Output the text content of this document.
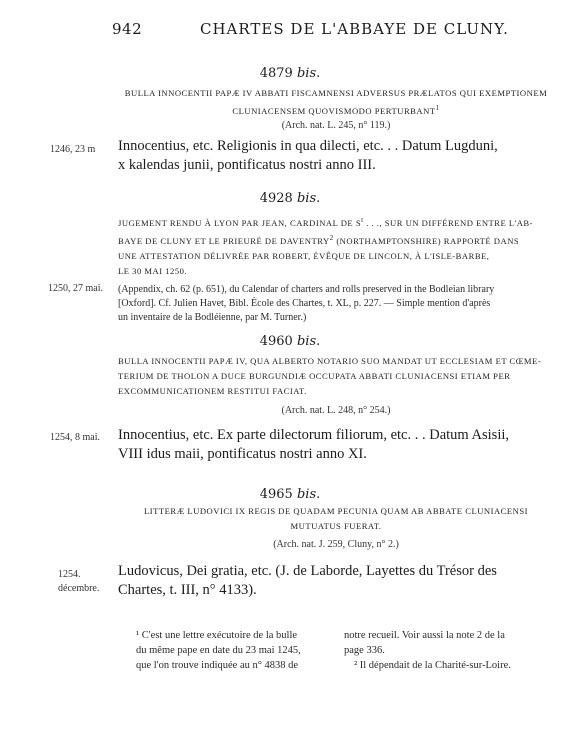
942	CHARTES DE L'ABBAYE DE CLUNY.
4879 bis.
BULLA INNOCENTII PAPÆ IV ABBATI FISCAMNENSI ADVERSUS PRÆLATOS QUI EXEMPTIONEM
CLUNIACENSEM QUOVISMODO PERTURBANT$^1$
(Arch. nat. L. 245, n° 119.)
1246, 23 m Innocentius, etc. Religionis in qua dilecti, etc. . . Datum Lugduni,
x kalendas junii, pontificatus nostri anno III.
4928 bis.
JUGEMENT RENDU À LYON PAR JEAN, CARDINAL DE $S^t$ . . ., SUR UN DIFFÉREND ENTRE L'AB-
BAYE DE CLUNY ET LE PRIEURÉ DE DAVENTRY$^2$ (NORTHAMPTONSHIRE) RAPPORTÉ DANS
UNE ATTESTATION DÉLIVRÉE PAR ROBERT, ÉVÊQUE DE LINCOLN, À L'ISLE-BARBE,
LE 30 MAI 1250.
1250, 27 mai. (Appendix, ch. 62 (p. 651), du Calendar of charters and rolls preserved in the Bodleian library
[Oxford]. Cf. Julien Havet, Bibl. École des Chartes, t. XL, p. 227. — Simple mention d'après
un inventaire de la Bodléienne, par M. Turner.)
4960 bis.
BULLA INNOCENTII PAPÆ IV, QUA ALBERTO NOTARIO SUO MANDAT UT ECCLESIAM ET CŒME-
TERIUM DE THOLON A DUCE BURGUNDIÆ OCCUPATA ABBATI CLUNIACENSI ETIAM PER
EXCOMMUNICATIONEM RESTITUI FACIAT.
(Arch. nat. L. 248, n° 254.)
1254, 8 mai. Innocentius, etc. Ex parte dilectorum filiorum, etc. . . Datum Asisii,
VIII idus maii, pontificatus nostri anno XI.
4965 bis.
LITTERÆ LUDOVICI IX REGIS DE QUADAM PECUNIA QUAM AB ABBATE CLUNIACENSI
MUTUATUS FUERAT.
(Arch. nat. J. 259, Cluny, n° 2.)
1254.
décembre.
Ludovicus, Dei gratia, etc. (J. de Laborde, Layettes du Trésor des
Chartes, t. III, n° 4133).
¹ C'est une lettre exécutoire de la bulle
du même pape en date du 23 mai 1245,
que l'on trouve indiquée au n° 4838 de
notre recueil. Voir aussi la note 2 de la
page 336.
² Il dépendait de la Charité-sur-Loire.
